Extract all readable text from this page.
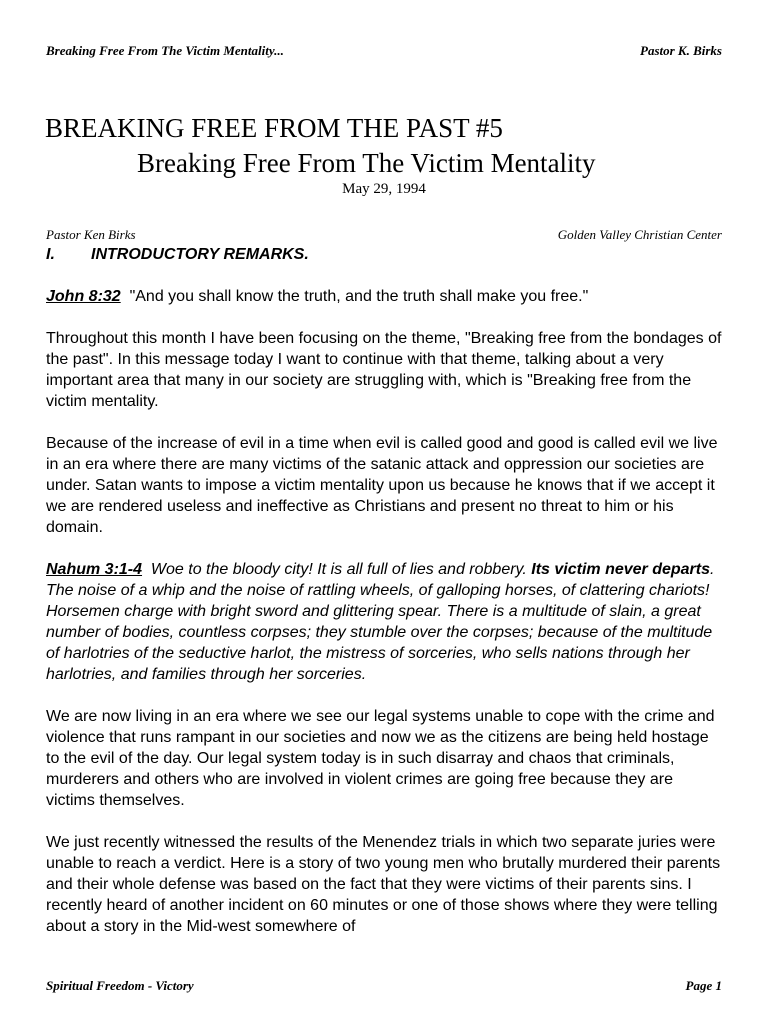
Breaking Free From The Victim Mentality...	Pastor K. Birks
BREAKING FREE FROM THE PAST #5
Breaking Free From The Victim Mentality
May 29, 1994
Pastor Ken Birks	Golden Valley Christian Center

I. INTRODUCTORY REMARKS.

John 8:32 "And you shall know the truth, and the truth shall make you free."

Throughout this month I have been focusing on the theme, "Breaking free from the bondages of the past". In this message today I want to continue with that theme, talking about a very important area that many in our society are struggling with, which is "Breaking free from the victim mentality.

Because of the increase of evil in a time when evil is called good and good is called evil we live in an era where there are many victims of the satanic attack and oppression our societies are under. Satan wants to impose a victim mentality upon us because he knows that if we accept it we are rendered useless and ineffective as Christians and present no threat to him or his domain.

Nahum 3:1-4 Woe to the bloody city! It is all full of lies and robbery. Its victim never departs. The noise of a whip and the noise of rattling wheels, of galloping horses, of clattering chariots! Horsemen charge with bright sword and glittering spear. There is a multitude of slain, a great number of bodies, countless corpses; they stumble over the corpses; because of the multitude of harlotries of the seductive harlot, the mistress of sorceries, who sells nations through her harlotries, and families through her sorceries.

We are now living in an era where we see our legal systems unable to cope with the crime and violence that runs rampant in our societies and now we as the citizens are being held hostage to the evil of the day. Our legal system today is in such disarray and chaos that criminals, murderers and others who are involved in violent crimes are going free because they are victims themselves.

We just recently witnessed the results of the Menendez trials in which two separate juries were unable to reach a verdict. Here is a story of two young men who brutally murdered their parents and their whole defense was based on the fact that they were victims of their parents sins. I recently heard of another incident on 60 minutes or one of those shows where they were telling about a story in the Mid-west somewhere of

Spiritual Freedom - Victory	Page 1
